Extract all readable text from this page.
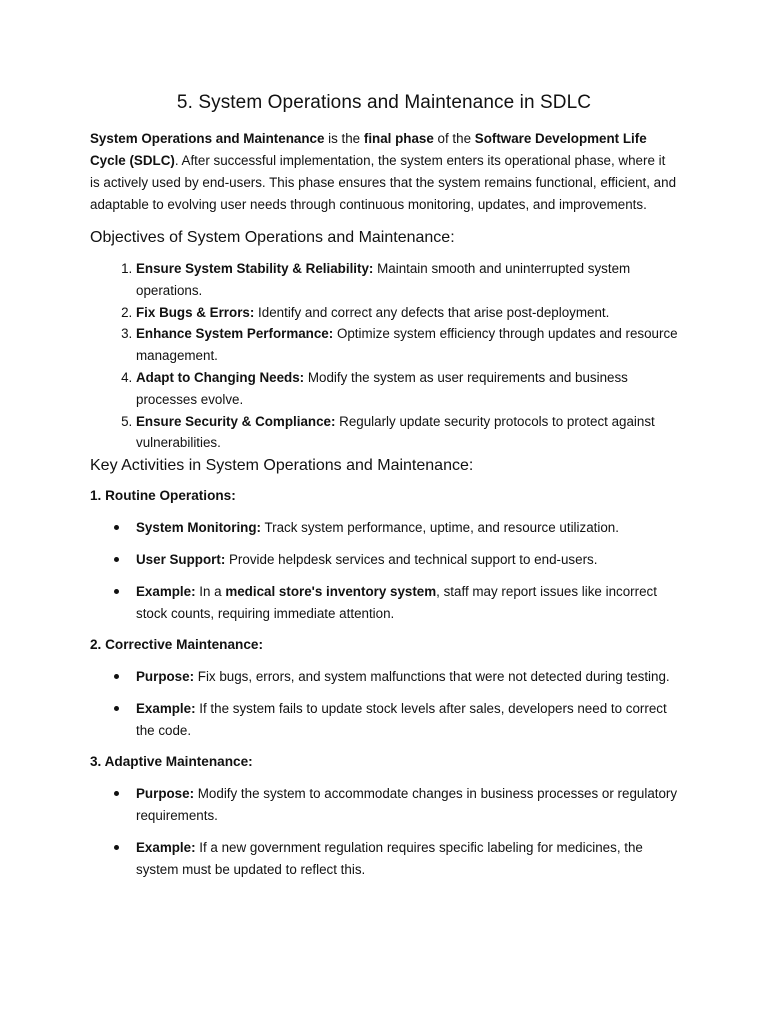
5. System Operations and Maintenance in SDLC

System Operations and Maintenance is the final phase of the Software Development Life Cycle (SDLC). After successful implementation, the system enters its operational phase, where it is actively used by end-users. This phase ensures that the system remains functional, efficient, and adaptable to evolving user needs through continuous monitoring, updates, and improvements.

Objectives of System Operations and Maintenance:
1. Ensure System Stability & Reliability: Maintain smooth and uninterrupted system operations.
2. Fix Bugs & Errors: Identify and correct any defects that arise post-deployment.
3. Enhance System Performance: Optimize system efficiency through updates and resource management.
4. Adapt to Changing Needs: Modify the system as user requirements and business processes evolve.
5. Ensure Security & Compliance: Regularly update security protocols to protect against vulnerabilities.
Key Activities in System Operations and Maintenance:
1. Routine Operations:
System Monitoring: Track system performance, uptime, and resource utilization.
User Support: Provide helpdesk services and technical support to end-users.
Example: In a medical store's inventory system, staff may report issues like incorrect stock counts, requiring immediate attention.
2. Corrective Maintenance:
Purpose: Fix bugs, errors, and system malfunctions that were not detected during testing.
Example: If the system fails to update stock levels after sales, developers need to correct the code.
3. Adaptive Maintenance:
Purpose: Modify the system to accommodate changes in business processes or regulatory requirements.
Example: If a new government regulation requires specific labeling for medicines, the system must be updated to reflect this.
